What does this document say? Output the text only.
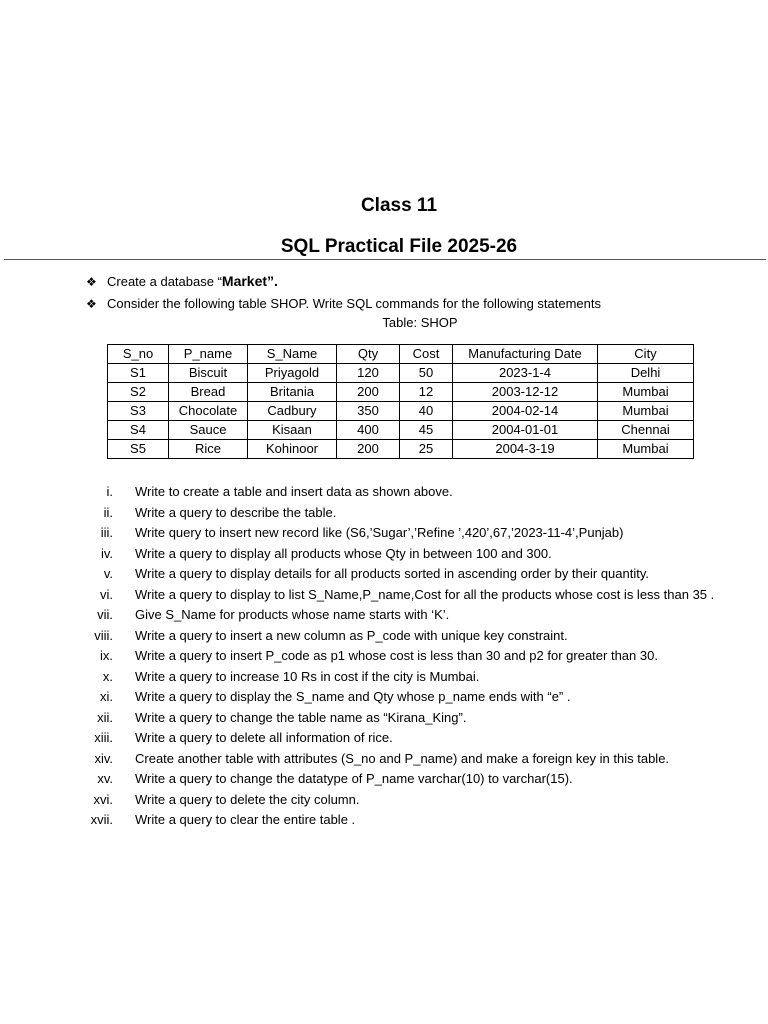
Class 11
SQL Practical File 2025-26
❖ Create a database “Market”.
❖ Consider the following table SHOP. Write SQL commands for the following statements
Table: SHOP
S_no	P_name	S_Name	Qty	Cost	Manufacturing Date	City
S1	Biscuit	Priyagold	120	50	2023-1-4	Delhi
S2	Bread	Britania	200	12	2003-12-12	Mumbai
S3	Chocolate	Cadbury	350	40	2004-02-14	Mumbai
S4	Sauce	Kisaan	400	45	2004-01-01	Chennai
S5	Rice	Kohinoor	200	25	2004-3-19	Mumbai
i. Write to create a table and insert data as shown above.
ii. Write a query to describe the table.
iii. Write query to insert new record like (S6,’Sugar’,’Refine ’,420’,67,’2023-11-4’,Punjab)
iv. Write a query to display all products whose Qty in between 100 and 300.
v. Write a query to display details for all products sorted in ascending order by their quantity.
vi. Write a query to display to list S_Name,P_name,Cost for all the products whose cost is less than 35 .
vii. Give S_Name for products whose name starts with ‘K’.
viii. Write a query to insert a new column as P_code with unique key constraint.
ix. Write a query to insert P_code as p1 whose cost is less than 30 and p2 for greater than 30.
x. Write a query to increase 10 Rs in cost if the city is Mumbai.
xi. Write a query to display the S_name and Qty whose p_name ends with “e” .
xii. Write a query to change the table name as “Kirana_King”.
xiii. Write a query to delete all information of rice.
xiv. Create another table with attributes (S_no and P_name) and make a foreign key in this table.
xv. Write a query to change the datatype of P_name varchar(10) to varchar(15).
xvi. Write a query to delete the city column.
xvii. Write a query to clear the entire table .
